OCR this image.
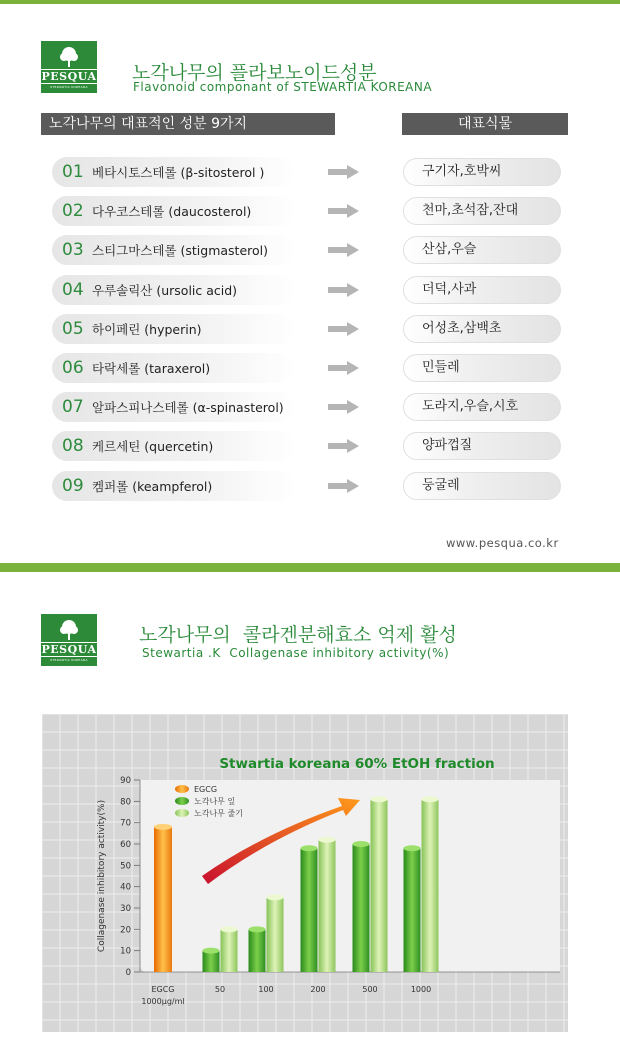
PESQUA
STEWARTIA KOREANA
노각나무의 플라보노이드성분
Flavonoid componant of STEWARTIA KOREANA
노각나무의 대표적인 성분 9가지	대표식물
01 베타시토스테롤 (β-sitosterol )	구기자,호박씨
02 다우코스테롤 (daucosterol)	천마,초석잠,잔대
03 스티그마스테롤 (stigmasterol)	산삼,우슬
04 우루솔릭산 (ursolic acid)	더덕,사과
05 하이페린 (hyperin)	어성초,삼백초
06 타락세롤 (taraxerol)	민들레
07 알파스피나스테롤 (α-spinasterol)	도라지,우슬,시호
08 케르세틴 (quercetin)	양파껍질
09 켐퍼롤 (keampferol)	둥굴레
www.pesqua.co.kr
PESQUA
STEWARTIA KOREANA
노각나무의  콜라겐분해효소 억제 활성
Stewartia .K  Collagenase inhibitory activity(%)
Stwartia koreana 60% EtOH fraction
0
10
20
30
40
50
60
70
80
90
Collagenase inhibitory activity(%)
EGCG
1000μg/ml
50	100	200	500	1000
EGCG
노각나무 잎
노각나무 줄기
